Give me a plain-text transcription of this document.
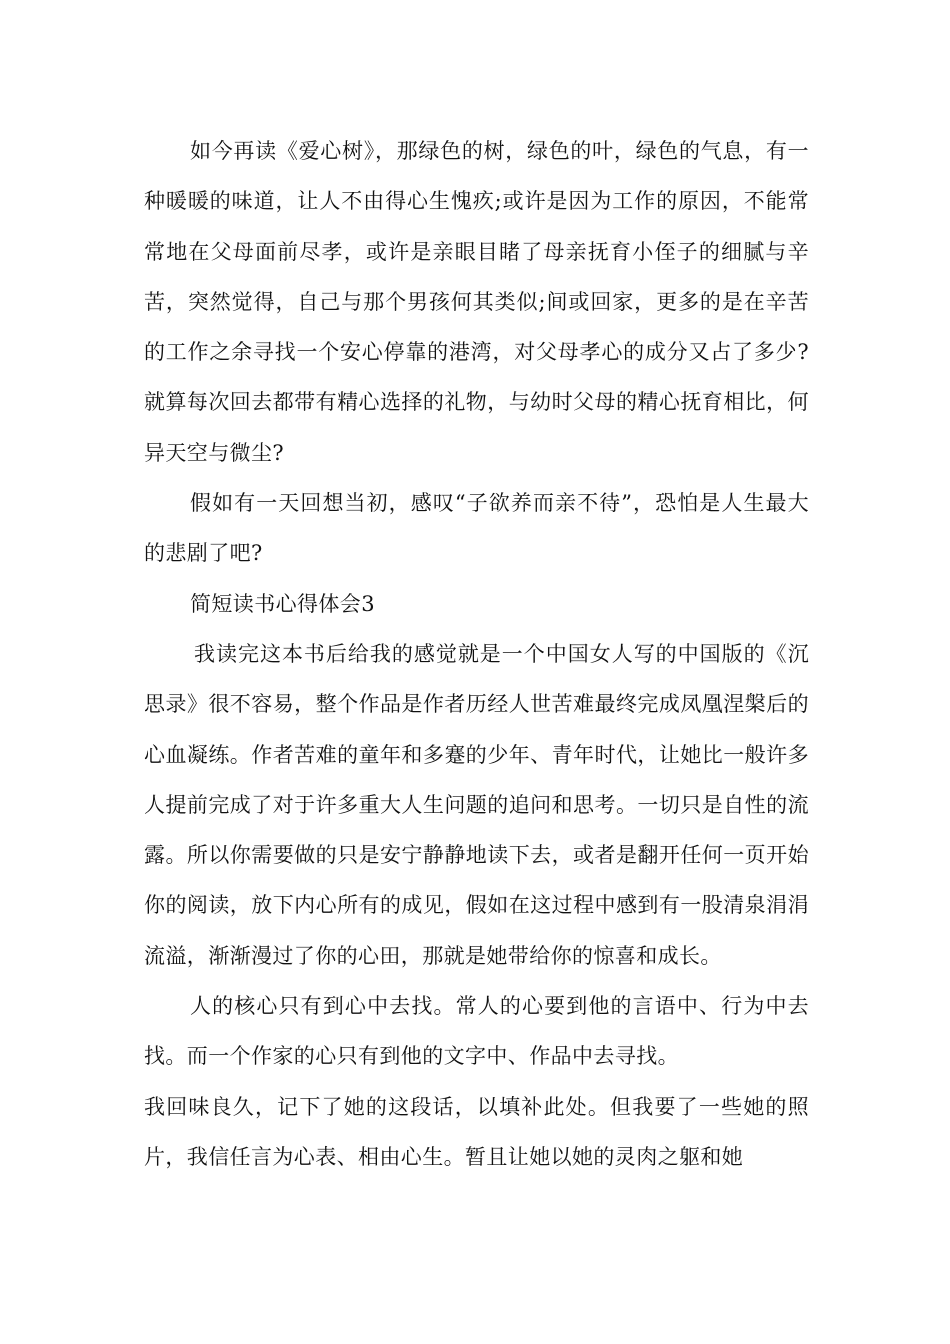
如今再读《爱心树》，那绿色的树，绿色的叶，绿色的气息，有一种暖暖的味道，让人不由得心生愧疚;或许是因为工作的原因，不能常常地在父母面前尽孝，或许是亲眼目睹了母亲抚育小侄子的细腻与辛苦，突然觉得，自己与那个男孩何其类似;间或回家，更多的是在辛苦的工作之余寻找一个安心停靠的港湾，对父母孝心的成分又占了多少?就算每次回去都带有精心选择的礼物，与幼时父母的精心抚育相比，何异天空与微尘?

假如有一天回想当初，感叹“子欲养而亲不待”，恐怕是人生最大的悲剧了吧?

简短读书心得体会3

我读完这本书后给我的感觉就是一个中国女人写的中国版的《沉思录》很不容易，整个作品是作者历经人世苦难最终完成凤凰涅槃后的心血凝练。作者苦难的童年和多蹇的少年、青年时代，让她比一般许多人提前完成了对于许多重大人生问题的追问和思考。一切只是自性的流露。所以你需要做的只是安宁静静地读下去，或者是翻开任何一页开始你的阅读，放下内心所有的成见，假如在这过程中感到有一股清泉涓涓流溢，渐渐漫过了你的心田，那就是她带给你的惊喜和成长。

人的核心只有到心中去找。常人的心要到他的言语中、行为中去找。而一个作家的心只有到他的文字中、作品中去寻找。

我回味良久，记下了她的这段话，以填补此处。但我要了一些她的照片，我信任言为心表、相由心生。暂且让她以她的灵肉之躯和她
